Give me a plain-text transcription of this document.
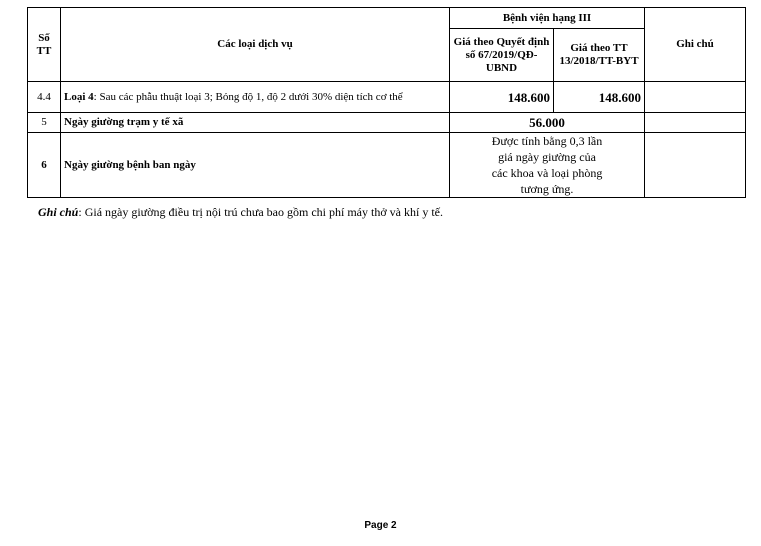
Số TT	Các loại dịch vụ	Bệnh viện hạng III		Ghi chú
		Giá theo Quyết định số 67/2019/QĐ-UBND	Giá theo TT 13/2018/TT-BYT	
4.4	Loại 4: Sau các phẫu thuật loại 3; Bỏng độ 1, độ 2 dưới 30% diện tích cơ thể	148.600	148.600	
5	Ngày giường trạm y tế xã	56.000		
6	Ngày giường bệnh ban ngày	Được tính bằng 0,3 lần giá ngày giường của các khoa và loại phòng tương ứng.		
Ghi chú: Giá ngày giường điều trị nội trú chưa bao gồm chi phí máy thở và khí y tế.
Page 2
